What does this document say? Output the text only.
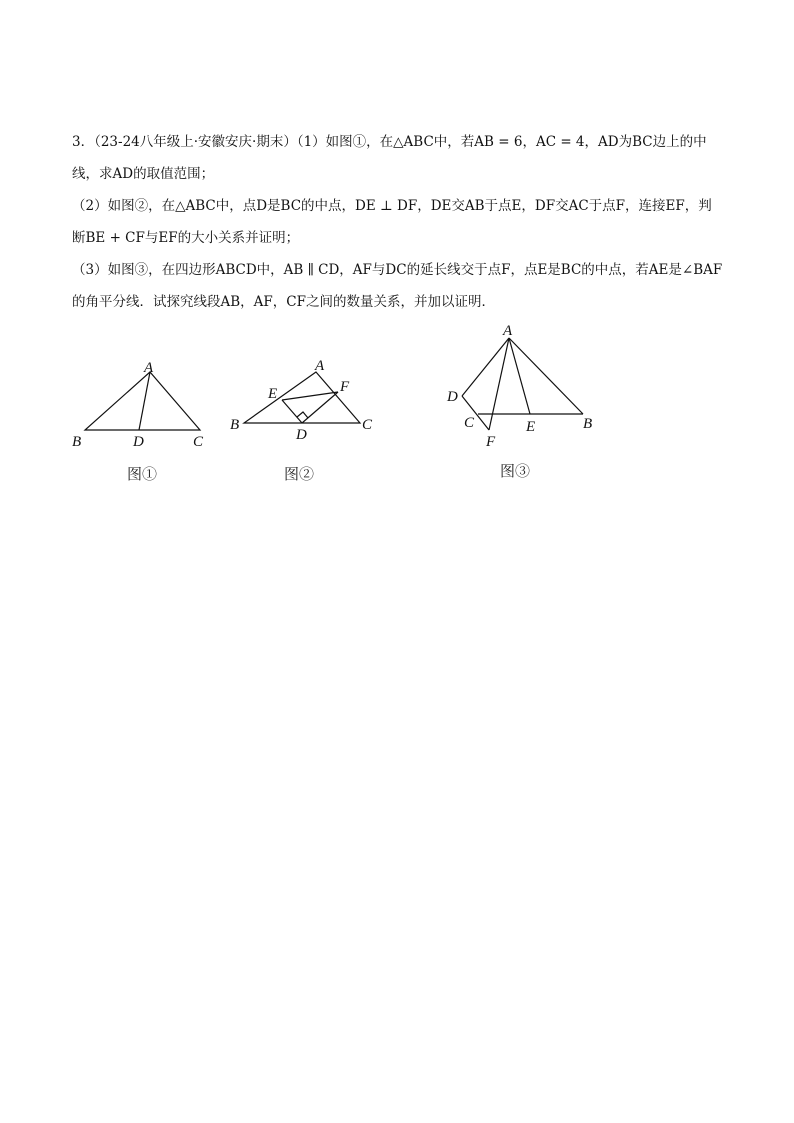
3．（23-24八年级上·安徽安庆·期末）（1）如图①，在△ABC中，若AB = 6，AC = 4，AD为BC边上的中
线，求AD的取值范围；
（2）如图②，在△ABC中，点D是BC的中点，DE ⊥ DF，DE交AB于点E，DF交AC于点F，连接EF，判
断BE + CF与EF的大小关系并证明；
（3）如图③，在四边形ABCD中，AB ∥ CD，AF与DC的延长线交于点F，点E是BC的中点，若AE是∠BAF
的角平分线．试探究线段AB，AF，CF之间的数量关系，并加以证明．
A
B	D	C
A
E	F
B
D
C
A
D
C
F
E	B
图①	图②	图③
